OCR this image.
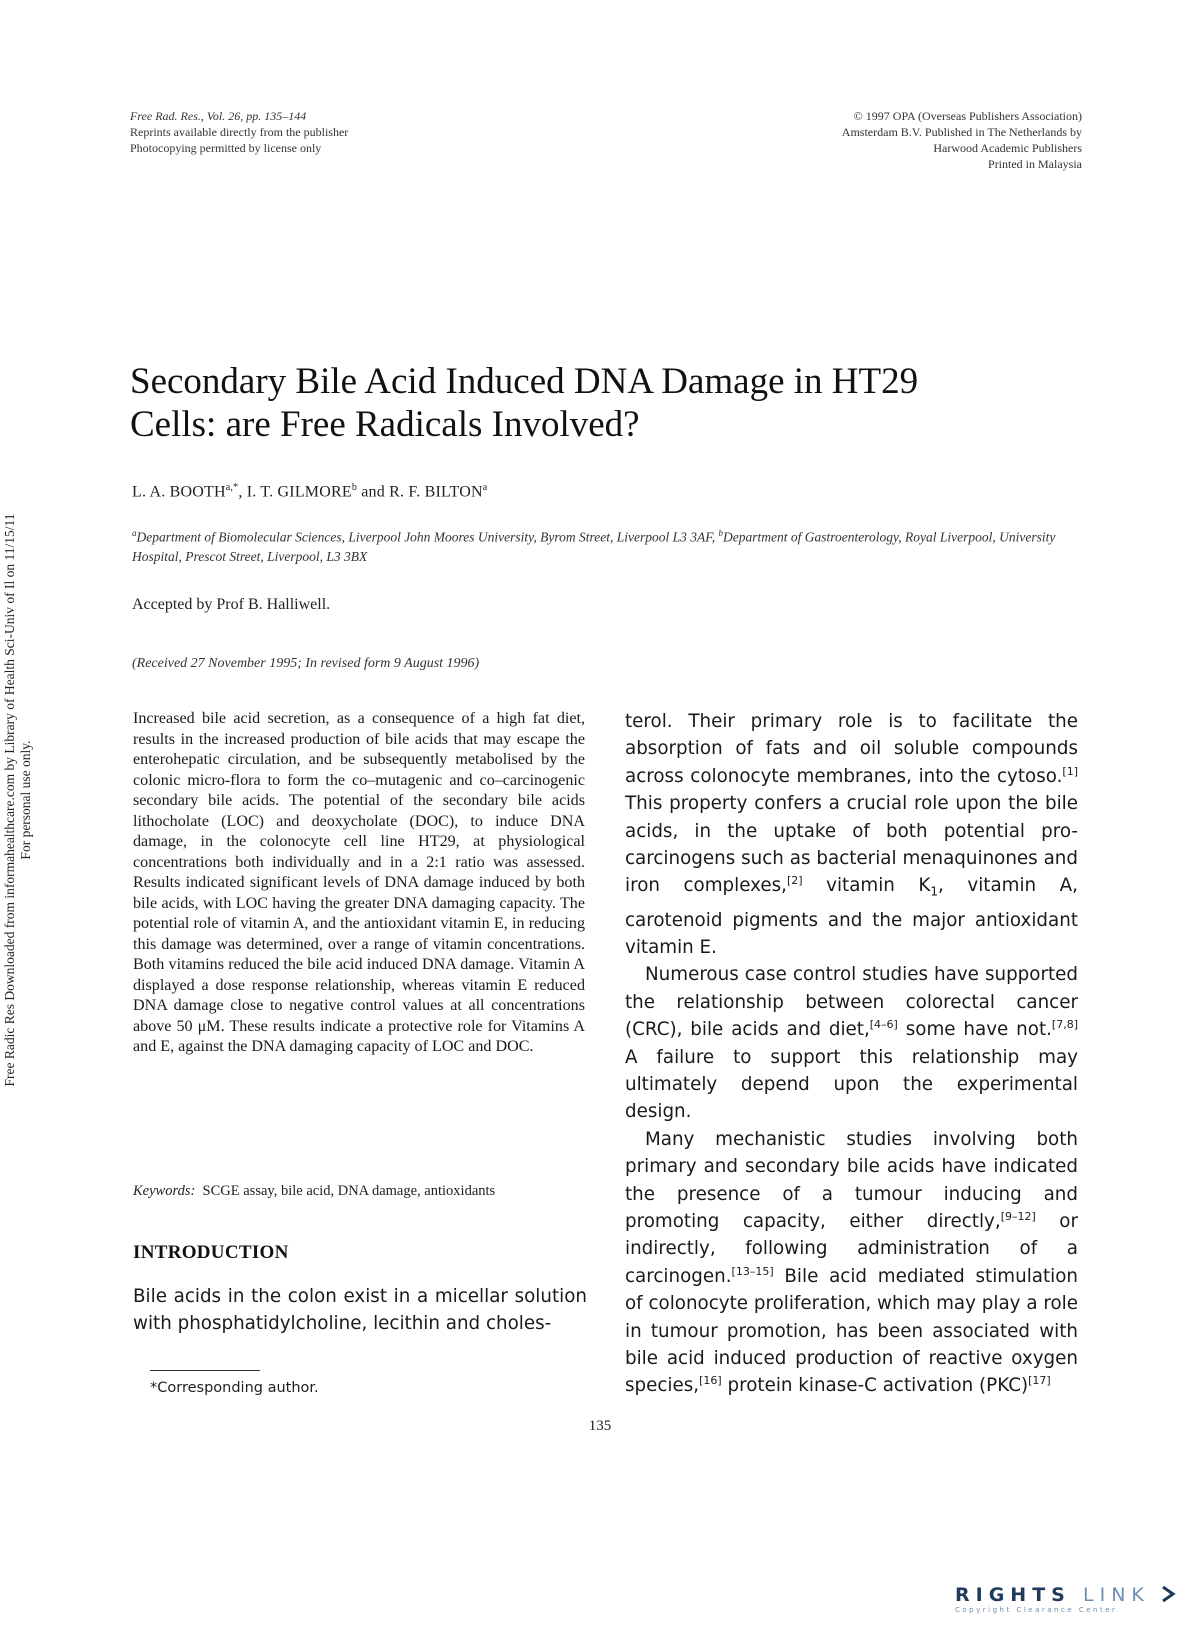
Free Rad. Res., Vol. 26, pp. 135–144
Reprints available directly from the publisher
Photocopying permitted by license only
© 1997 OPA (Overseas Publishers Association)
Amsterdam B.V. Published in The Netherlands by
Harwood Academic Publishers
Printed in Malaysia
Secondary Bile Acid Induced DNA Damage in HT29
Cells: are Free Radicals Involved?
L. A. $BOOTH^{a,*}$, I. T. GILMORE$^b$ and R. F. BILTON$^a$
$^a$Department of Biomolecular Sciences, Liverpool John Moores University, Byrom Street, Liverpool L3 3AF, $^b$Department of Gastroenterology, Royal Liverpool, University Hospital, Prescot Street, Liverpool, L3 3BX
Accepted by Prof B. Halliwell.
(Received 27 November 1995; In revised form 9 August 1996)
Increased bile acid secretion, as a consequence of a high fat diet, results in the increased production of bile acids that may escape the enterohepatic circulation, and be subsequently metabolised by the colonic micro-flora to form the co–mutagenic and co–carcinogenic secondary bile acids. The potential of the secondary bile acids lithocholate (LOC) and deoxycholate (DOC), to induce DNA damage, in the colonocyte cell line HT29, at physiological concentrations both individually and in a 2:1 ratio was assessed. Results indicated significant levels of DNA damage induced by both bile acids, with LOC having the greater DNA damaging capacity. The potential role of vitamin A, and the antioxidant vitamin E, in reducing this damage was determined, over a range of vitamin concentrations. Both vitamins reduced the bile acid induced DNA damage. Vitamin A displayed a dose response relationship, whereas vitamin E reduced DNA damage close to negative control values at all concentrations above 50 μM. These results indicate a protective role for Vitamins A and E, against the DNA damaging capacity of LOC and DOC.
Keywords: SCGE assay, bile acid, DNA damage, antioxidants
INTRODUCTION
Bile acids in the colon exist in a micellar solution with phosphatidylcholine, lecithin and choles-

terol. Their primary role is to facilitate the absorption of fats and oil soluble compounds across colonocyte membranes, into the cytoso.[1] This property confers a crucial role upon the bile acids, in the uptake of both potential pro-carcinogens such as bacterial menaquinones and iron complexes,[2] vitamin $K_1$, vitamin A, carotenoid pigments and the major antioxidant vitamin E.

Numerous case control studies have supported the relationship between colorectal cancer (CRC), bile acids and diet,[4–6] some have not.[7,8] A failure to support this relationship may ultimately depend upon the experimental design.

Many mechanistic studies involving both primary and secondary bile acids have indicated the presence of a tumour inducing and promoting capacity, either directly,[9–12] or indirectly, following administration of a carcinogen.[13–15] Bile acid mediated stimulation of colonocyte proliferation, which may play a role in tumour promotion, has been associated with bile acid induced production of reactive oxygen species,[16] protein kinase-C activation (PKC)[17]

*Corresponding author.
135
Free Radic Res Downloaded from informahealthcare.com by Library of Health Sci-Univ of Il on 11/15/11 For personal use only.
RIGHTS LINK
Copyright Clearance Center
